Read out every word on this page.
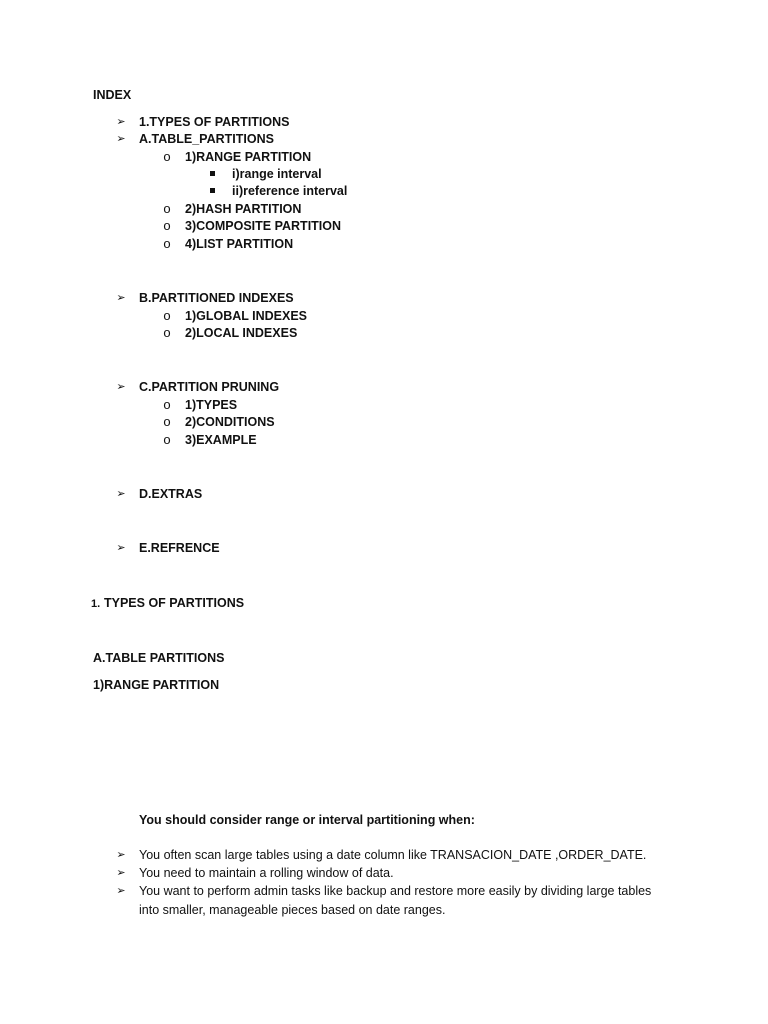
INDEX
➢ 1.TYPES OF PARTITIONS
➢ A.TABLE_PARTITIONS
o 1)RANGE PARTITION
i)range interval
ii)reference interval
o 2)HASH PARTITION
o 3)COMPOSITE PARTITION
o 4)LIST PARTITION
➢ B.PARTITIONED INDEXES
o 1)GLOBAL INDEXES
o 2)LOCAL INDEXES
➢ C.PARTITION PRUNING
o 1)TYPES
o 2)CONDITIONS
o 3)EXAMPLE
➢ D.EXTRAS
➢ E.REFRENCE
1. TYPES OF PARTITIONS
A.TABLE PARTITIONS
1)RANGE PARTITION
You should consider range or interval partitioning when:
➢ You often scan large tables using a date column like TRANSACION_DATE ,ORDER_DATE.
➢ You need to maintain a rolling window of data.
➢ You want to perform admin tasks like backup and restore more easily by dividing large tables
into smaller, manageable pieces based on date ranges.
